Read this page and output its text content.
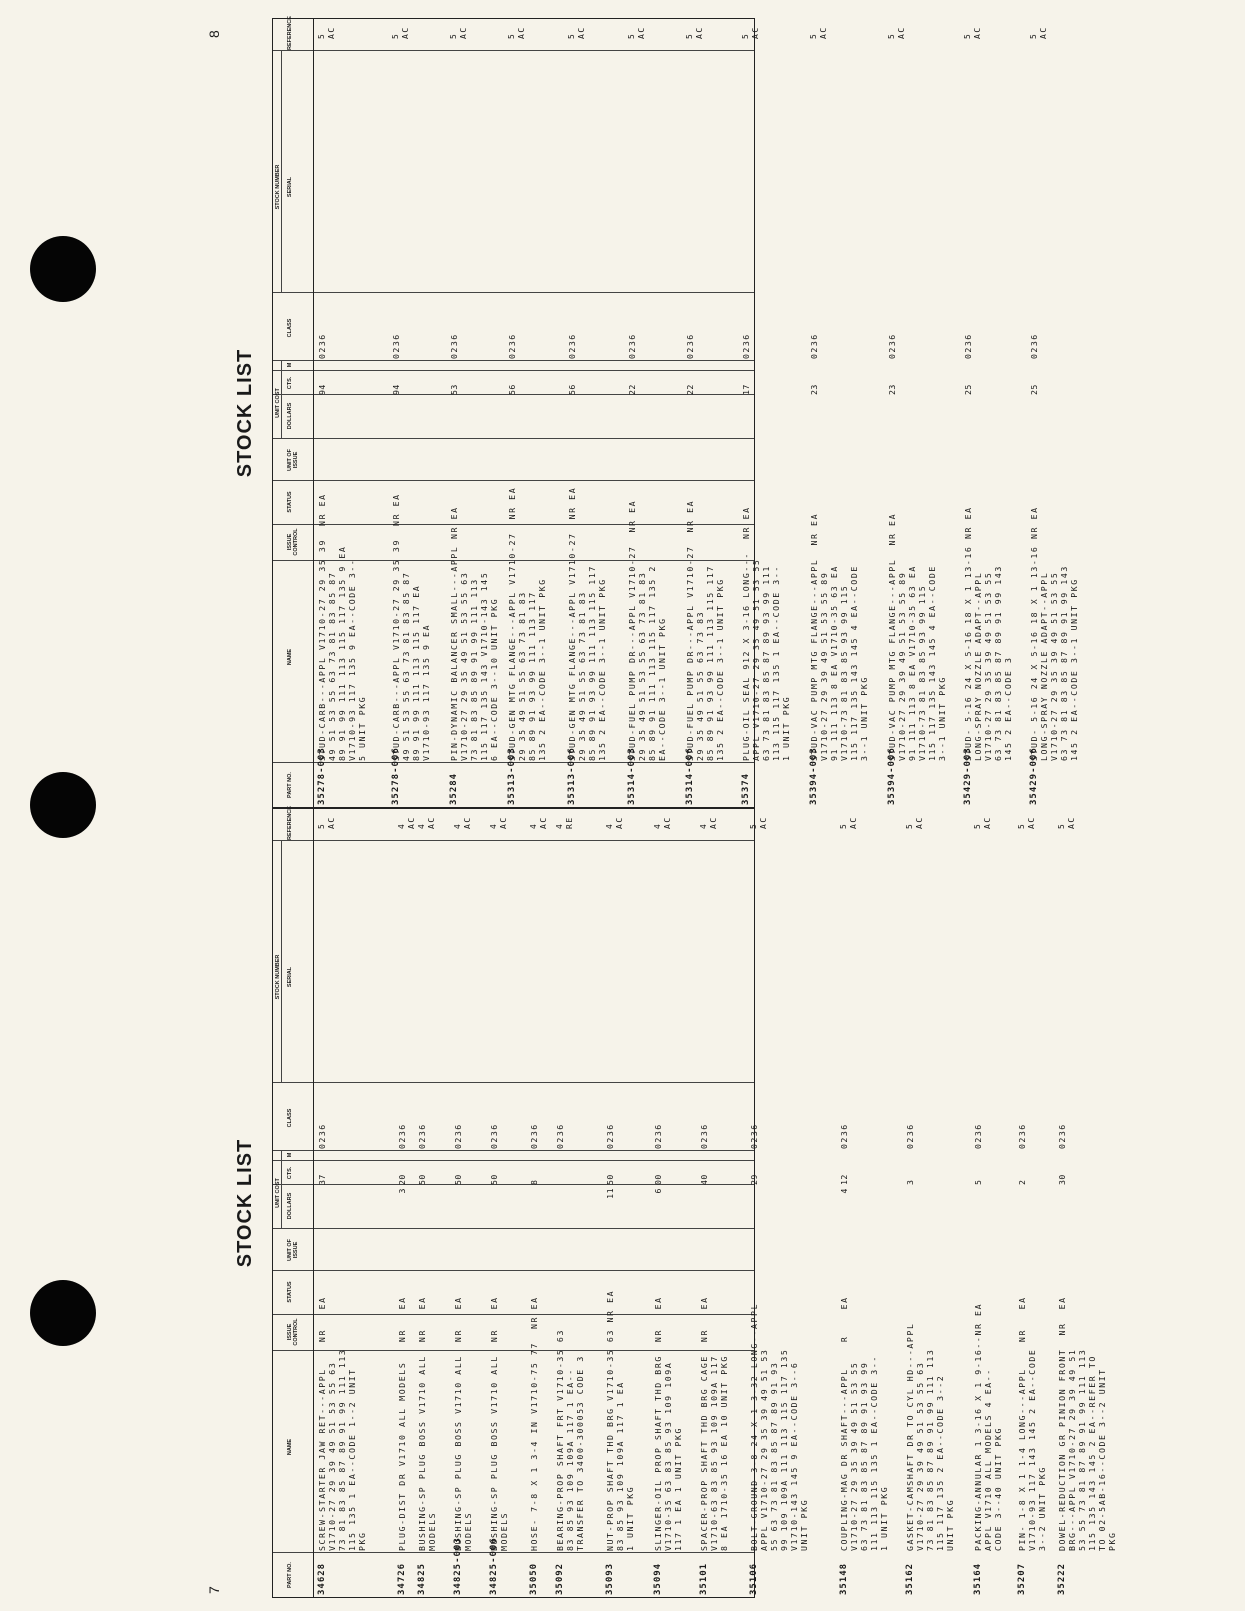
STOCK LIST
7
PART NO.
NAME
ISSUE CONTROL
STATUS
UNIT OF ISSUE
DOLLARS
CTS.
M
CLASS
SERIAL
REFERENCE
UNIT COST
STOCK NUMBER
34628
SCREW-STARTER JAW RET---APPL    NR   EA V1710-27 29 39 49 51 53 55 63 73 81 83 85 87 89 91 99 111 113 115 135 1 EA--CODE 1--2 UNIT PKG
37
0236
5 AC
34726
PLUG-DIST DR V1710 ALL MODELS   NR   EA
3
20
0236
4 AC
34825
BUSHING-SP PLUG BOSS V1710 ALL  NR   EA MODELS
50
0236
4 AC
34825-003
BUSHING-SP PLUG BOSS V1710 ALL  NR   EA MODELS
50
0236
4 AC
34825-006
BUSHING-SP PLUG BOSS V1710 ALL  NR   EA MODELS
50
0236
4 AC
35050
HOSE- 7-8 X 1 3-4 IN V1710-75 77  NR EA
8
0236
4 AC
35092
BEARING-PROP SHAFT FRT V1710-35 63 83 85 93 109 109A 117 1 EA-- TRANSFER TO 3400-300053 CODE 3
0236
4 RE
35093
NUT-PROP SHAFT THD BRG V1710-35 63 NR EA 83 85 93 109 109A 117 1 EA 1 UNIT PKG
11
50
0236
4 AC
35094
SLINGER-OIL PROP SHAFT THD BRG  NR   EA V1710-35 63 83 85 93 109 109A 117 1 EA 1 UNIT PKG
6
00
0236
4 AC
35101
SPACER-PROP SHAFT THD BRG CAGE  NR   EA V1710-63 83 85 93 109 109A 117 8 EA 1710-35 16 EA 10 UNIT PKG
40
0236
4 AC
35106
BOLT-GROUND 3-8 24 X 1 3-32 LONG--APPL APPL V1710-27 29 35 39 49 51 53 55 63 73 81 83 85 87 89 91 93 99 109 109A 111 113 115 117 135 V1710-143 145 9 EA--CODE 3--6 UNIT PKG
29
0236
5 AC
35148
COUPLING-MAG DR SHAFT---APPL    R    EA V1710-27 29 35 39 49 51 53 55 63 73 81 83 85 87 89 91 93 99 111 113 115 135 1 EA--CODE 3-- 1 UNIT PKG
4
12
0236
5 AC
35162
GASKET-CAMSHAFT DR TO CYL HD---APPL V1710-27 29 39 49 51 53 55 63 73 81 83 85 87 89 91 99 111 113 115 117 135 2 EA--CODE 3--2 UNIT PKG
3
0236
5 AC
35164
PACKING-ANNULAR 1 3-16 X 1 9-16--NR EA APPL V1710 ALL MODELS 4 EA-- CODE 3--40 UNIT PKG
5
0236
5 AC
35207
PIN- 1-8 X 1 1-4 LONG---APPL    NR   EA V1710-93 117 143 145 2 EA--CODE 3--2 UNIT PKG
2
0236
5 AC
35222
DOWEL-REDUCTION GR PINION FRONT  NR  EA BRG---APPL V1710-27 29 39 49 51 53 55 73 81 87 89 91 99 111 113 115 135 143 145 2 EA--REFER TO TO 02-5AB-16--CODE 3--2 UNIT PKG
30
0236
5 AC
STOCK LIST
8
PART NO.
NAME
ISSUE CONTROL
STATUS
UNIT OF ISSUE
DOLLARS
CTS.
M
CLASS
SERIAL
REFERENCE
UNIT COST
STOCK NUMBER
35278-003
STUD-CARB---APPL V1710-27 29 35 39  NR EA 49 51 53 55 63 73 81 83 85 87 89 91 99 111 113 115 117 135 9 EA V1710-93 117 135 9 EA--CODE 3-- 5 UNIT PKG
94
0236
5 AC
35278-006
STUD-CARB---APPL V1710-27 29 35 39  NR EA 49 51 53 55 63 73 81 83 85 87 89 91 99 111 113 115 117 EA V1710-93 117 135 9 EA
94
0236
5 AC
35284
PIN-DYNAMIC BALANCER SMALL---APPL NR EA V1710-27 29 35 49 51 53 55 63 73 81 83 85 89 91 99 111 113 115 117 135 143 V1710-143 145 6 EA--CODE 3--10 UNIT PKG
53
0236
5 AC
35313-003
STUD-GEN MTG FLANGE---APPL V1710-27  NR EA 29 35 49 51 55 63 73 81 83 85 89 91 93 99 111 113 117 135 2 EA--CODE 3--1 UNIT PKG
56
0236
5 AC
35313-006
STUD-GEN MTG FLANGE---APPL V1710-27  NR EA 29 35 49 51 55 63 73 81 83 85 89 91 93 99 111 113 115 117 135 2 EA--CODE 3--1 UNIT PKG
56
0236
5 AC
35314-003
STUD-FUEL PUMP DR---APPL V1710-27  NR EA 29 35 49 51 53 55 63 73 81 83 85 89 91 111 113 115 117 135 2 EA--CODE 3--1 UNIT PKG
22
0236
5 AC
35314-006
STUD-FUEL PUMP DR---APPL V1710-27  NR EA 29 35 49 51 55 63 73 83 85 89 91 93 99 111 113 115 117 135 2 EA--CODE 3--1 UNIT PKG
22
0236
5 AC
35374
PLUG-OIL SEAL 912 X 3-16 LONG---  NR EA APPL V1710-27 29 35 49 51 53 55 63 73 81 83 85 87 89 93 99 111 113 115 117 135 1 EA--CODE 3-- 1 UNIT PKG
17
0236
5 AC
35394-003
STUD-VAC PUMP MTG FLANGE---APPL  NR EA V1710-27 29 39 49 51 53 55 89 91 111 113 8 EA V1710-35 63 EA V1710-73 81 83 85 93 99 115 115 117 135 143 145 4 EA--CODE 3--1 UNIT PKG
23
0236
5 AC
35394-006
STUD-VAC PUMP MTG FLANGE---APPL  NR EA V1710-27 29 39 49 51 53 55 89 91 111 113 8 EA V1710-35 63 EA V1710-73 81 83 85 93 99 115 115 117 135 143 145 4 EA--CODE 3--1 UNIT PKG
23
0236
5 AC
35429-003
STUD- 5-16 24 X 5-16 18 X 1 13-16 NR EA LONG-SPRAY NOZZLE ADAPT--APPL V1710-27 29 35 39 49 51 53 55 63 73 81 83 85 87 89 91 99 143 145 2 EA--CODE 3
25
0236
5 AC
35429-006
STUD- 5-16 24 X 5-16 18 X 1 13-16 NR EA LONG-SPRAY NOZZLE ADAPT--APPL V1710-27 29 35 39 49 51 53 55 63 73 81 83 85 87 89 91 99 143 145 2 EA--CODE 3--1 UNIT PKG
25
0236
5 AC
